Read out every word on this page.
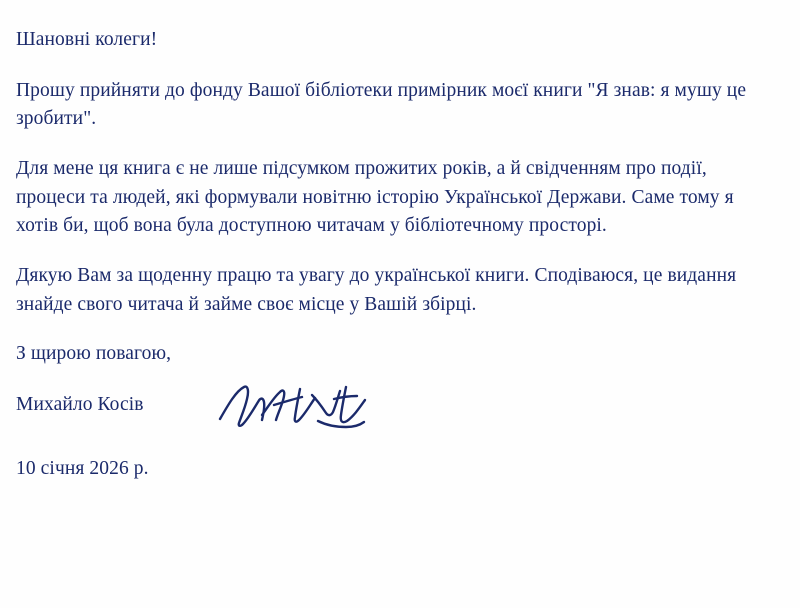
Шановні колеги!

Прошу прийняти до фонду Вашої бібліотеки примірник моєї книги "Я знав: я мушу це зробити".

Для мене ця книга є не лише підсумком прожитих років, а й свідченням про події, процеси та людей, які формували новітню історію Української Держави. Саме тому я хотів би, щоб вона була доступною читачам у бібліотечному просторі.

Дякую Вам за щоденну працю та увагу до української книги. Сподіваюся, це видання знайде свого читача й займе своє місце у Вашій збірці.

З щирою повагою,

Михайло Косів

10 січня 2026 р.
